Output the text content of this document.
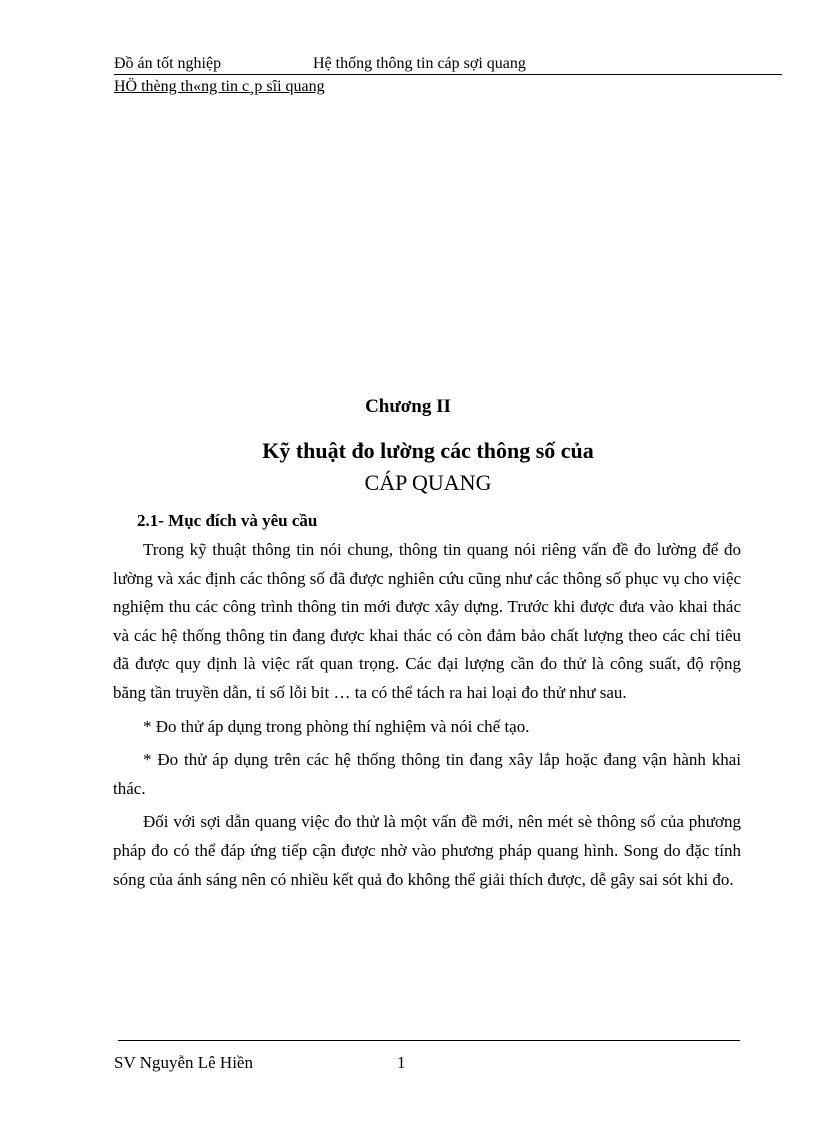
Đồ án tốt nghiệp	Hệ thống thông tin cáp sợi quang
HÖ thèng th«ng tin c¸p sîi quang
Chương II
Kỹ thuật đo lường các thông số của
CÁP QUANG
2.1- Mục đích và yêu cầu

Trong kỹ thuật thông tin nói chung, thông tin quang nói riêng vấn đề đo lường để đo lường và xác định các thông số đã được nghiên cứu cũng như các thông số phục vụ cho việc nghiệm thu các công trình thông tin mới được xây dựng. Trước khi được đưa vào khai thác và các hệ thống thông tin đang được khai thác có còn đảm bảo chất lượng theo các chỉ tiêu đã được quy định là việc rất quan trọng. Các đại lượng cần đo thử là công suất, độ rộng băng tần truyền dẫn, tỉ số lỗi bit … ta có thể tách ra hai loại đo thử như sau.

* Đo thử áp dụng trong phòng thí nghiệm và nói chế tạo.

* Đo thử áp dụng trên các hệ thống thông tin đang xây lắp hoặc đang vận hành khai thác.

Đối với sợi dẫn quang việc đo thử là một vấn đề mới, nên mét sè thông số của phương pháp đo có thể đáp ứng tiếp cận được nhờ vào phương pháp quang hình. Song do đặc tính sóng của ánh sáng nên có nhiều kết quả đo không thể giải thích được, dễ gây sai sót khi đo.

SV Nguyễn Lê Hiền	1
